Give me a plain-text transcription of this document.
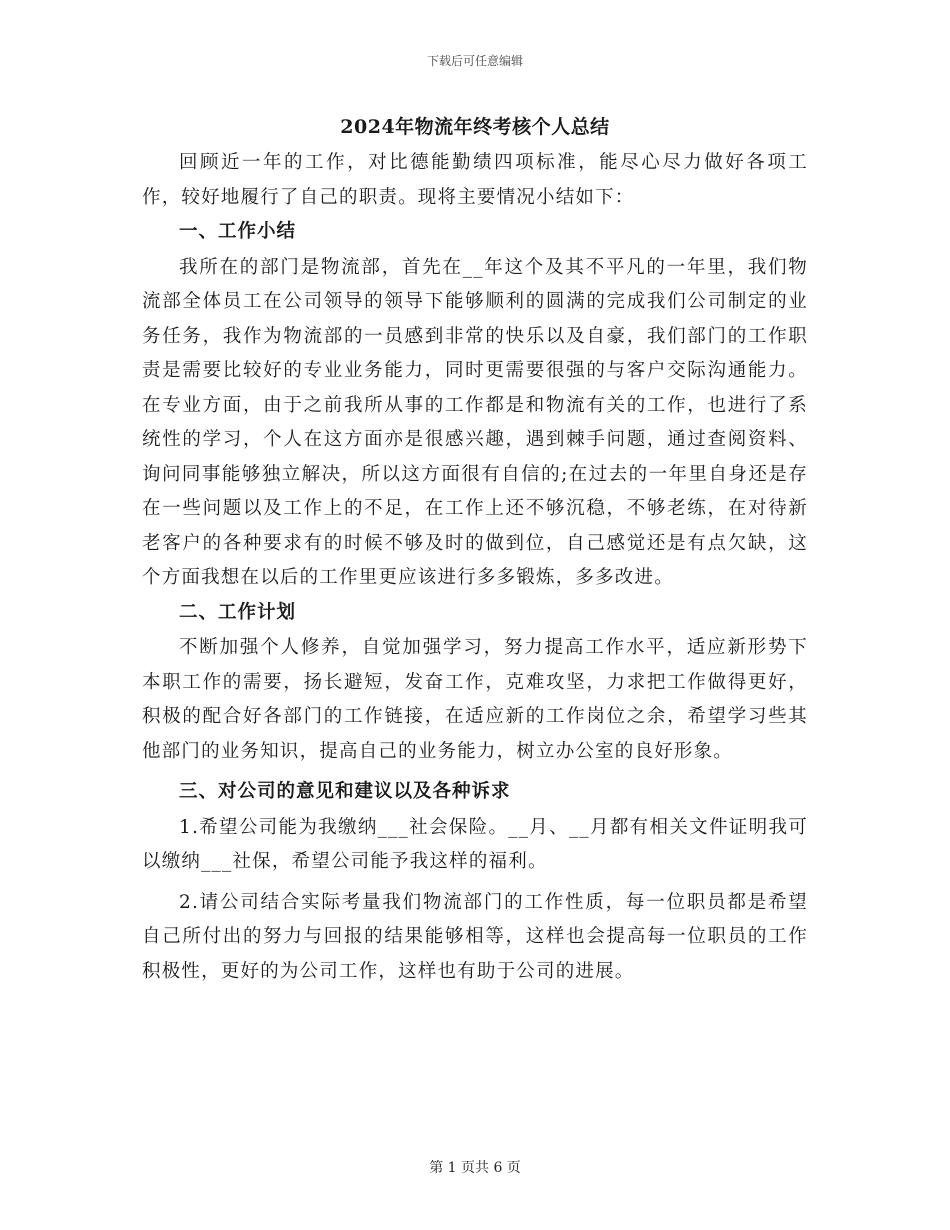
下载后可任意编辑
2024年物流年终考核个人总结

回顾近一年的工作，对比德能勤绩四项标准，能尽心尽力做好各项工作，较好地履行了自己的职责。现将主要情况小结如下：

一、工作小结

我所在的部门是物流部，首先在__年这个及其不平凡的一年里，我们物流部全体员工在公司领导的领导下能够顺利的圆满的完成我们公司制定的业务任务，我作为物流部的一员感到非常的快乐以及自豪，我们部门的工作职责是需要比较好的专业业务能力，同时更需要很强的与客户交际沟通能力。在专业方面，由于之前我所从事的工作都是和物流有关的工作，也进行了系统性的学习，个人在这方面亦是很感兴趣，遇到棘手问题，通过查阅资料、询问同事能够独立解决，所以这方面很有自信的;在过去的一年里自身还是存在一些问题以及工作上的不足，在工作上还不够沉稳，不够老练，在对待新老客户的各种要求有的时候不够及时的做到位，自己感觉还是有点欠缺，这个方面我想在以后的工作里更应该进行多多锻炼，多多改进。

二、工作计划

不断加强个人修养，自觉加强学习，努力提高工作水平，适应新形势下本职工作的需要，扬长避短，发奋工作，克难攻坚，力求把工作做得更好，积极的配合好各部门的工作链接，在适应新的工作岗位之余，希望学习些其他部门的业务知识，提高自己的业务能力，树立办公室的良好形象。

三、对公司的意见和建议以及各种诉求

1.希望公司能为我缴纳___社会保险。__月、__月都有相关文件证明我可以缴纳___社保，希望公司能予我这样的福利。

2.请公司结合实际考量我们物流部门的工作性质，每一位职员都是希望自己所付出的努力与回报的结果能够相等，这样也会提高每一位职员的工作积极性，更好的为公司工作，这样也有助于公司的进展。

第 1 页共 6 页
